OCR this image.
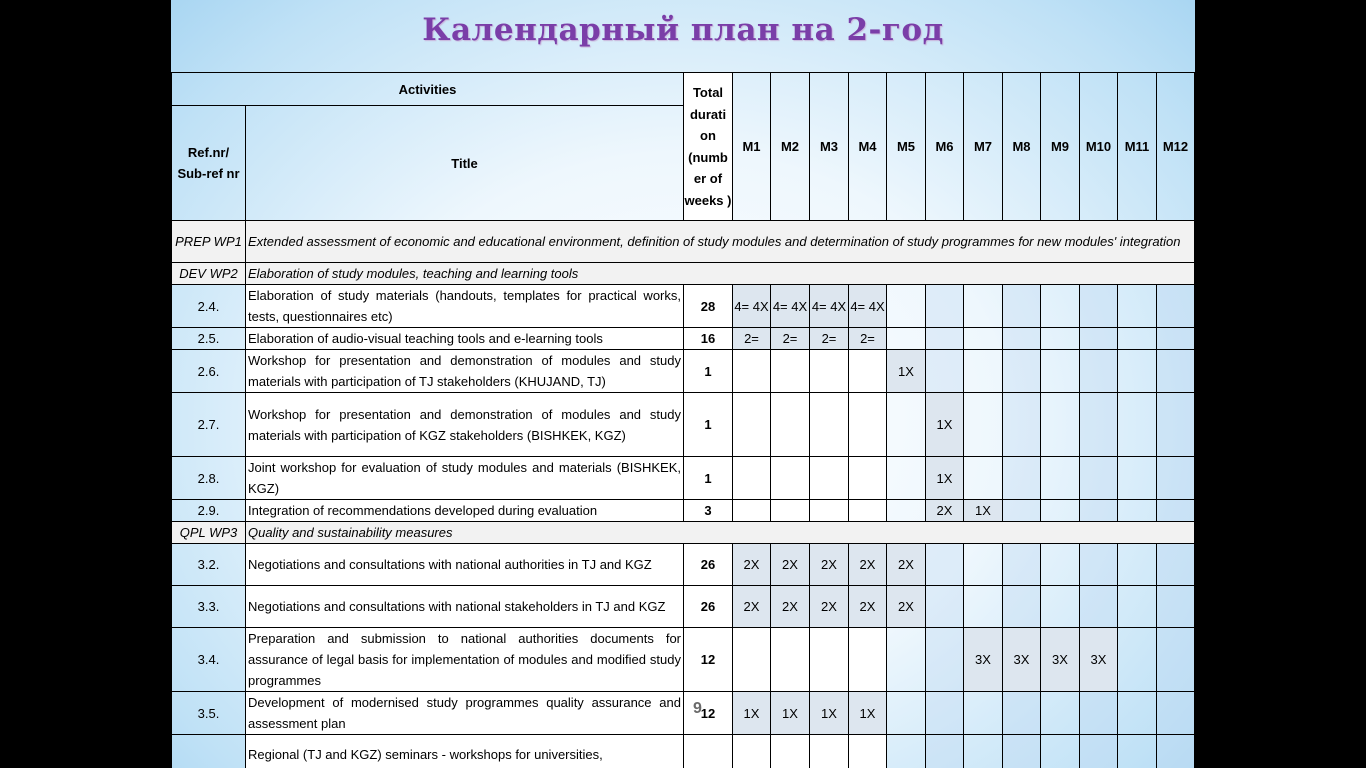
Календарный план на 2-год
Activities		Total durati on (numb er of weeks )	M1	M2	M3	M4	M5	M6	M7	M8	M9	M10	M11	M12
Ref.nr/ Sub-ref nr	Title													
PREP WP1	Extended assessment of economic and educational environment, definition of study modules and determination of study programmes for new modules' integration													
DEV WP2	Elaboration of study modules, teaching and learning tools													
2.4.	Elaboration of study materials (handouts, templates for practical works, tests, questionnaires etc)	28	4= 4X	4= 4X	4= 4X	4= 4X								
2.5.	Elaboration of audio-visual teaching tools and e-learning tools	16	2=	2=	2=	2=								
2.6.	Workshop for presentation and demonstration of modules and study materials with participation of TJ stakeholders (KHUJAND, TJ)	1					1X							
2.7.	Workshop for presentation and demonstration of modules and study materials with participation of KGZ stakeholders (BISHKEK, KGZ)	1						1X						
2.8.	Joint workshop for evaluation of study modules and materials (BISHKEK, KGZ)	1						1X						
2.9.	Integration of recommendations developed during evaluation	3						2X	1X					
QPL WP3	Quality and sustainability measures													
3.2.	Negotiations and consultations with national authorities in TJ and KGZ	26	2X	2X	2X	2X	2X							
3.3.	Negotiations and consultations with national stakeholders in TJ and KGZ	26	2X	2X	2X	2X	2X							
3.4.	Preparation and submission to national authorities documents for assurance of legal basis for implementation of modules and modified study programmes	12							3X	3X	3X	3X		
3.5.	Development of modernised study programmes quality assurance and assessment plan	12	1X	1X	1X	1X								
	Regional (TJ and KGZ) seminars - workshops for universities,													
9
